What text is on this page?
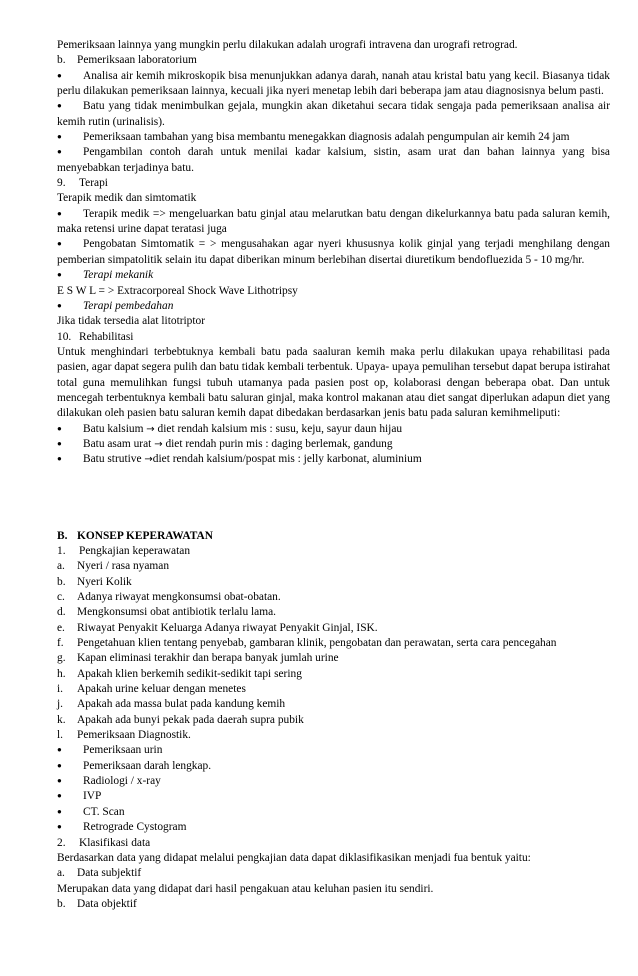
Pemeriksaan lainnya yang mungkin perlu dilakukan adalah urografi intravena dan urografi retrograd.

b.	Pemeriksaan laboratorium

●Analisa air kemih mikroskopik bisa menunjukkan adanya darah, nanah atau kristal batu yang kecil. Biasanya tidak perlu dilakukan pemeriksaan lainnya, kecuali jika nyeri menetap lebih dari beberapa jam atau diagnosisnya belum pasti.

●Batu yang tidak menimbulkan gejala, mungkin akan diketahui secara tidak sengaja pada pemeriksaan analisa air kemih rutin (urinalisis).

●Pemeriksaan tambahan yang bisa membantu menegakkan diagnosis adalah pengumpulan air kemih 24 jam

●Pengambilan contoh darah untuk menilai kadar kalsium, sistin, asam urat dan bahan lainnya yang bisa menyebabkan terjadinya batu.

9.	Terapi

Terapik medik dan simtomatik

●Terapik medik => mengeluarkan batu ginjal atau melarutkan batu dengan dikelurkannya batu pada saluran kemih, maka retensi urine dapat teratasi juga

●Pengobatan Simtomatik = > mengusahakan agar nyeri khususnya kolik ginjal yang terjadi menghilang dengan pemberian simpatolitik selain itu dapat diberikan minum berlebihan disertai diuretikum bendofluezida 5 - 10 mg/hr.

●Terapi mekanik

E S W L = > Extracorporeal Shock Wave Lithotripsy

●Terapi pembedahan

Jika tidak tersedia alat litotriptor

10. Rehabilitasi

Untuk menghindari terbebtuknya kembali batu pada saaluran kemih maka perlu dilakukan upaya rehabilitasi pada pasien, agar dapat segera pulih dan batu tidak kembali terbentuk. Upaya- upaya pemulihan tersebut dapat berupa istirahat total guna memulihkan fungsi tubuh utamanya pada pasien post op, kolaborasi dengan beberapa obat. Dan untuk mencegah terbentuknya kembali batu saluran ginjal, maka kontrol makanan atau diet sangat diperlukan adapun diet yang dilakukan oleh pasien batu saluran kemih dapat dibedakan berdasarkan jenis batu pada saluran kemihmeliputi:

●Batu kalsium → diet rendah kalsium mis : susu, keju, sayur daun hijau

●Batu asam urat → diet rendah purin mis : daging berlemak, gandung

●Batu strutive →diet rendah kalsium/pospat mis : jelly karbonat, aluminium

B. KONSEP KEPERAWATAN
1.	Pengkajian keperawatan
a.	Nyeri / rasa nyaman
b.	Nyeri Kolik
c.	Adanya riwayat mengkonsumsi obat-obatan.
d.	Mengkonsumsi obat antibiotik terlalu lama.
e.	Riwayat Penyakit Keluarga Adanya riwayat Penyakit Ginjal, ISK.
f.	Pengetahuan klien tentang penyebab, gambaran klinik, pengobatan dan perawatan, serta cara pencegahan
g.	Kapan eliminasi terakhir dan berapa banyak jumlah urine
h.	Apakah klien berkemih sedikit-sedikit tapi sering
i.	Apakah urine keluar dengan menetes
j.	Apakah ada massa bulat pada kandung kemih
k.	Apakah ada bunyi pekak pada daerah supra pubik
l.	Pemeriksaan Diagnostik.

●Pemeriksaan urin

●Pemeriksaan darah lengkap.

●Radiologi / x-ray

●IVP

●CT. Scan

●Retrograde Cystogram

2.	Klasifikasi data

Berdasarkan data yang didapat melalui pengkajian data dapat diklasifikasikan menjadi fua bentuk yaitu:

a.	Data subjektif

Merupakan data yang didapat dari hasil pengakuan atau keluhan pasien itu sendiri.

b.	Data objektif
